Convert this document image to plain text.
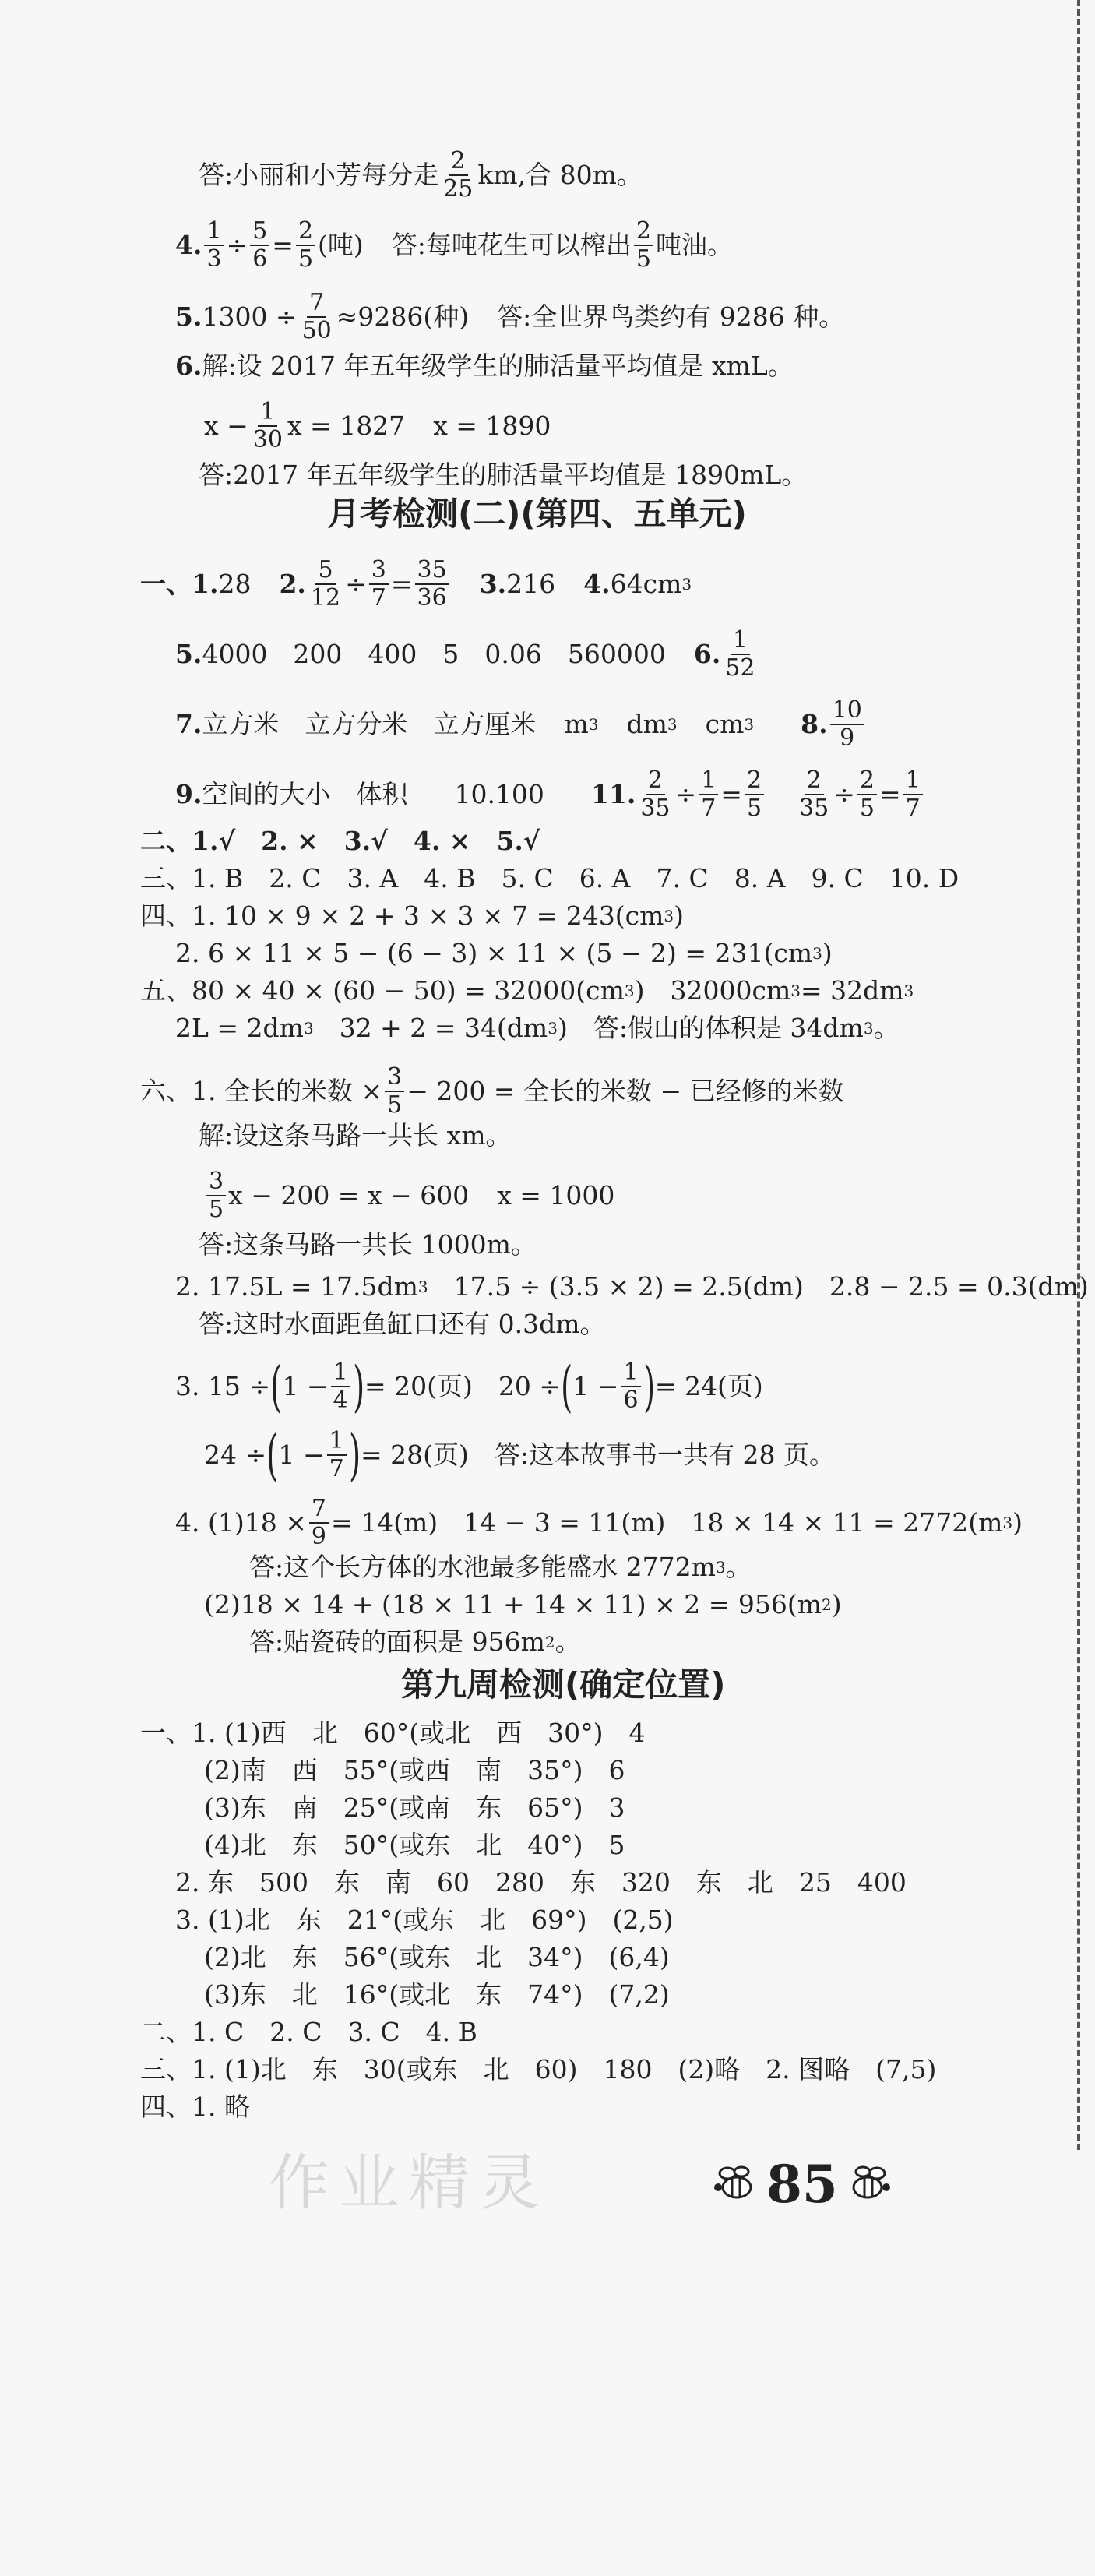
答:小丽和小芳每分走 $\frac{2}{25}$ km,合 80m。
4. $\frac{1}{3} \div \frac{5}{6} = \frac{2}{5}$ (吨) 答:每吨花生可以榨出 $\frac{2}{5}$ 吨油。
5. $1300 \div \frac{7}{50} \approx 9286$(种) 答:全世界鸟类约有 9286 种。
6. 解:设 2017 年五年级学生的肺活量平均值是 xmL。
$x - \frac{1}{30}$ x = 1827 x = 1890
答:2017 年五年级学生的肺活量平均值是 1890mL。
月考检测(二)(第四、五单元)
一、 1. 28 2. $\frac{5}{12} \div \frac{3}{7} = \frac{35}{36} 3$. 216 4. 64cm 3
5. 4000　200　400　5　0.06　560000 6. $\frac{1}{52}$
7. 立方米　立方分米　立方厘米 m 3 dm 3 cm 3 8. $\frac{10}{9}$
9. 空间的大小　体积 10.100 11. $\frac{2}{35} \div \frac{1}{7} = \frac{2}{5} \frac{2}{35} \div \frac{2}{5} = \frac{1}{7}$
二、1.√　2. ×　3.√　4. ×　5.√
三、1. B　2. C　3. A　4. B　5. C　6. A　7. C　8. A　9. C　10. D
四、1. 10 × 9 × 2 + 3 × 3 × 7 = 243(cm 3 )
2. 6 × 11 × 5 − (6 − 3) × 11 × (5 − 2) = 231(cm 3 )
五、80 × 40 × (60 − 50) = 32000(cm 3 )　32000cm 3 = 32dm 3
2L = 2dm 3 　32 + 2 = 34(dm 3 )　答:假山的体积是 34dm 3 。
六、1. 全长的米数 × $\frac{3}{5} - 200$ = 全长的米数 − 已经修的米数
解:设这条马路一共长 xm。
$\frac{3}{5}$ x − 200 = x − 600 x = 1000
答:这条马路一共长 1000m。
2. 17.5L = 17.5dm 3 　17.5 ÷ (3.5 × 2) = 2.5(dm)　2.8 − 2.5 = 0.3(dm)
答:这时水面距鱼缸口还有 0.3dm。
3. 15 ÷ ( $1 - \frac{1}{4}$ ) = 20(页)　20 ÷ ( $1 - \frac{1}{6}$ ) = 24(页)
24 ÷ ( $1 - \frac{1}{7}$ ) = 28(页)　答:这本故事书一共有 28 页。
4. $(1)18 \times \frac{7}{9} = 14(m)$　14 − 3 = 11(m)　18 × 14 × 11 = 2772(m 3 )
答:这个长方体的水池最多能盛水 2772m 3 。
(2)18 × 14 + (18 × 11 + 14 × 11) × 2 = 956(m 2 )
答:贴瓷砖的面积是 956m 2 。
第九周检测(确定位置)
一、1. (1)西　北　60°(或北　西　30°)　4
(2)南　西　55°(或西　南　35°)　6
(3)东　南　25°(或南　东　65°)　3
(4)北　东　50°(或东　北　40°)　5
2. 东　500　东　南　60　280　东　320　东　北　25　400
3. (1)北　东　21°(或东　北　69°)　(2,5)
(2)北　东　56°(或东　北　34°)　(6,4)
(3)东　北　16°(或北　东　74°)　(7,2)
二、1. C　2. C　3. C　4. B
三、1. (1)北　东　30(或东　北　60)　180　(2)略　2. 图略　(7,5)
四、1. 略
作业精灵	85
